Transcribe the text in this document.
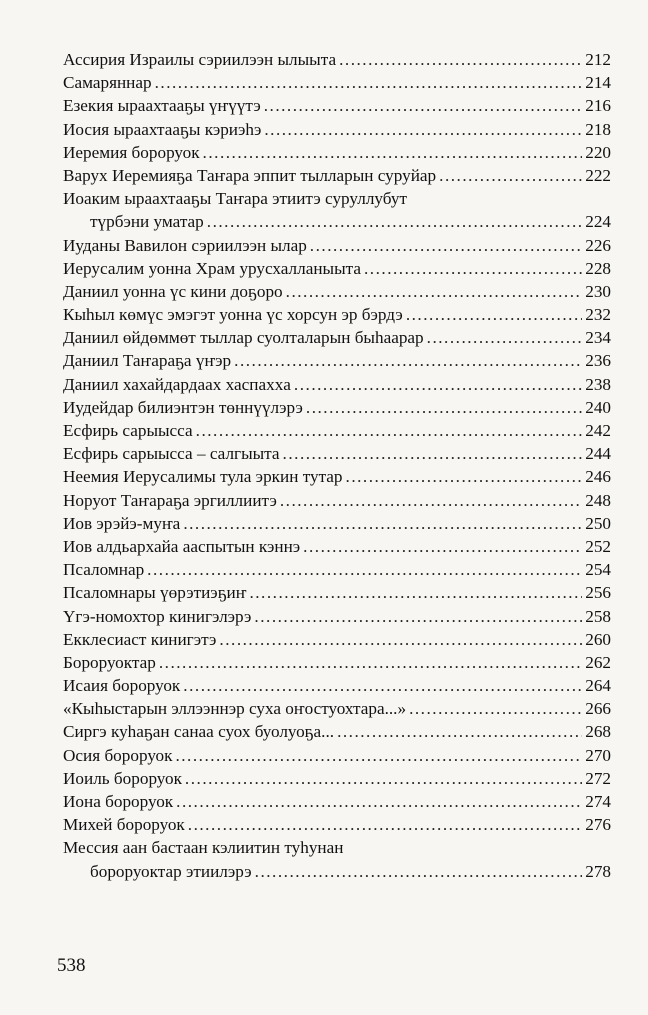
Ассирия Израилы сэриилээн ылыыта .....	212
Самаряннар .....	214
Езекия ыраахтааҕы үҥүүтэ .....	216
Иосия ыраахтааҕы кэриэһэ .....	218
Иеремия бороруок .....	220
Варух Иеремияҕа Таҥара эппит тылларын суруйар .....	222
Иоаким ыраахтааҕы Таҥара этиитэ суруллубут
түрбэни уматар .....	224
Иуданы Вавилон сэриилээн ылар .....	226
Иерусалим уонна Храм урусхалланыыта .....	228
Даниил уонна үс кини доҕоро .....	230
Кыһыл көмүс эмэгэт уонна үс хорсун эр бэрдэ .....	232
Даниил өйдөммөт тыллар суолталарын быһаарар .....	234
Даниил Таҥараҕа үҥэр .....	236
Даниил хахайдардаах хаспаххa .....	238
Иудейдар билиэнтэн төннүүлэрэ .....	240
Есфирь сарыысса .....	242
Есфирь сарыысса – салгыыта .....	244
Неемия Иерусалимы тула эркин тутар .....	246
Норуот Таҥараҕа эргиллиитэ .....	248
Иов эрэйэ-муҥа .....	250
Иов алдьархайа ааспытын кэннэ .....	252
Псаломнар .....	254
Псаломнары үөрэтиэҕиҥ .....	256
Үгэ-номохтор кинигэлэрэ .....	258
Екклесиаст кинигэтэ .....	260
Бороруоктар .....	262
Исаия бороруок .....	264
«Кыһыстарын эллээннэр суха оҥостуохтара...» .....	266
Сиргэ куһаҕан санаа суох буолуоҕа... .....	268
Осия бороруок .....	270
Иоиль бороруок .....	272
Иона бороруок .....	274
Михей бороруок .....	276
Мессия аан бастаан кэлиитин туһунан
бороруоктар этиилэрэ .....	278
538
